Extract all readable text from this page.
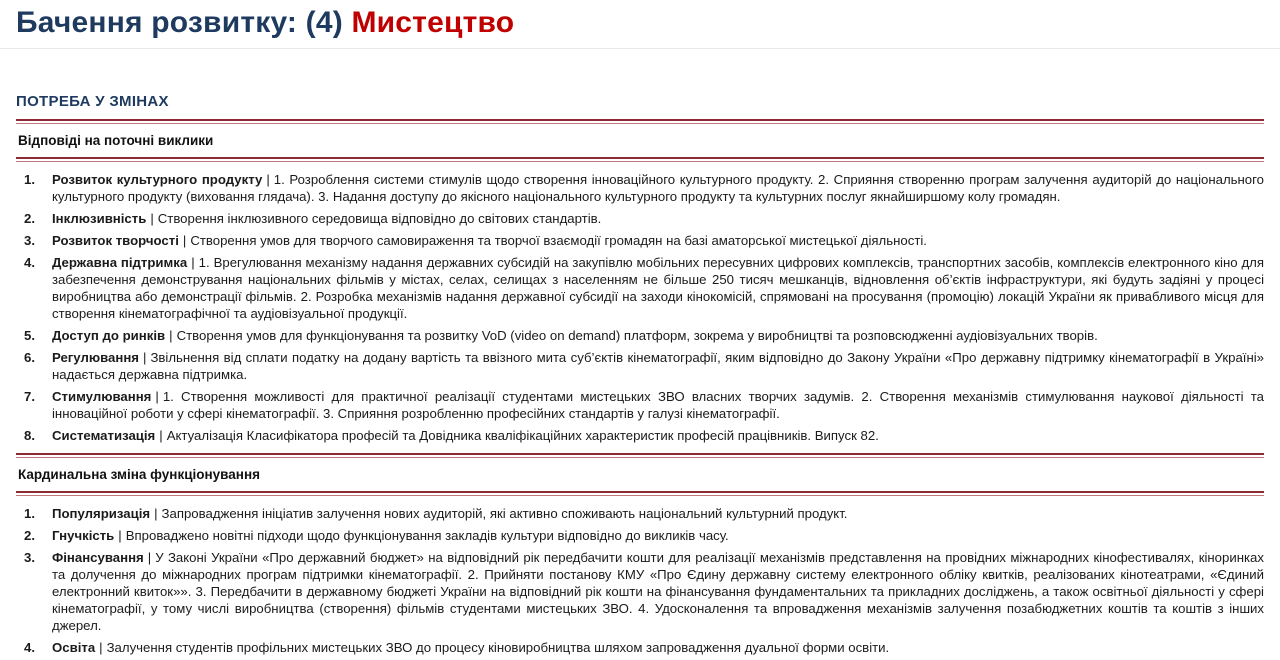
Бачення розвитку: (4) Мистецтво
ПОТРЕБА У ЗМІНАХ
Відповіді на поточні виклики
1. Розвиток культурного продукту | 1. Розроблення системи стимулів щодо створення інноваційного культурного продукту. 2. Сприяння створенню програм залучення аудиторій до національного культурного продукту (виховання глядача). 3. Надання доступу до якісного національного культурного продукту та культурних послуг якнайширшому колу громадян.
2. Інклюзивність | Створення інклюзивного середовища відповідно до світових стандартів.
3. Розвиток творчості | Створення умов для творчого самовираження та творчої взаємодії громадян на базі аматорської мистецької діяльності.
4. Державна підтримка | 1. Врегулювання механізму надання державних субсидій на закупівлю мобільних пересувних цифрових комплексів, транспортних засобів, комплексів електронного кіно для забезпечення демонстрування національних фільмів у містах, селах, селищах з населенням не більше 250 тисяч мешканців, відновлення об’єктів інфраструктури, які будуть задіяні у процесі виробництва або демонстрації фільмів. 2. Розробка механізмів надання державної субсидії на заходи кінокомісій, спрямовані на просування (промоцію) локацій України як привабливого місця для створення кінематографічної та аудіовізуальної продукції.
5. Доступ до ринків | Створення умов для функціонування та розвитку VoD (video on demand) платформ, зокрема у виробництві та розповсюдженні аудіовізуальних творів.
6. Регулювання | Звільнення від сплати податку на додану вартість та ввізного мита суб’єктів кінематографії, яким відповідно до Закону України «Про державну підтримку кінематографії в Україні» надається державна підтримка.
7. Стимулювання | 1. Створення можливості для практичної реалізації студентами мистецьких ЗВО власних творчих задумів. 2. Створення механізмів стимулювання наукової діяльності та інноваційної роботи у сфері кінематографії. 3. Сприяння розробленню професійних стандартів у галузі кінематографії.
8. Систематизація | Актуалізація Класифікатора професій та Довідника кваліфікаційних характеристик професій працівників. Випуск 82.
Кардинальна зміна функціонування
1. Популяризація | Запровадження ініціатив залучення нових аудиторій, які активно споживають національний культурний продукт.
2. Гнучкість | Впроваджено новітні підходи щодо функціонування закладів культури відповідно до викликів часу.
3. Фінансування | У Законі України «Про державний бюджет» на відповідний рік передбачити кошти для реалізації механізмів представлення на провідних міжнародних кінофестивалях, кіноринках та долучення до міжнародних програм підтримки кінематографії. 2. Прийняти постанову КМУ «Про Єдину державну систему електронного обліку квитків, реалізованих кінотеатрами, «Єдиний електронний квиток»». 3. Передбачити в державному бюджеті України на відповідний рік кошти на фінансування фундаментальних та прикладних досліджень, а також освітньої діяльності у сфері кінематографії, у тому числі виробництва (створення) фільмів студентами мистецьких ЗВО. 4. Удосконалення та впровадження механізмів залучення позабюджетних коштів та коштів з інших джерел.
4. Освіта | Залучення студентів профільних мистецьких ЗВО до процесу кіновиробництва шляхом запровадження дуальної форми освіти.
